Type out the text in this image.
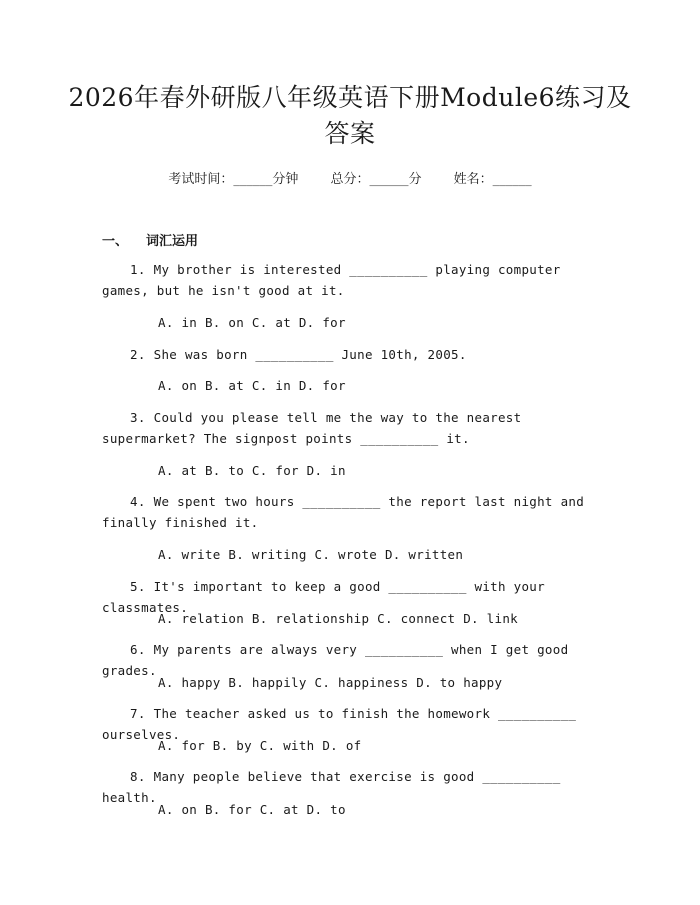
2026年春外研版八年级英语下册Module6练习及答案
考试时间：______分钟 总分：______分 姓名：______
一、 词汇运用
1. My brother is interested __________ playing computer games, but he isn't good at it.
A. in B. on C. at D. for
2. She was born __________ June 10th, 2005.
A. on B. at C. in D. for
3. Could you please tell me the way to the nearest supermarket? The signpost points __________ it.
A. at B. to C. for D. in
4. We spent two hours __________ the report last night and finally finished it.
A. write B. writing C. wrote D. written
5. It's important to keep a good __________ with your classmates.
A. relation B. relationship C. connect D. link
6. My parents are always very __________ when I get good grades.
A. happy B. happily C. happiness D. to happy
7. The teacher asked us to finish the homework __________ ourselves.
A. for B. by C. with D. of
8. Many people believe that exercise is good __________ health.
A. on B. for C. at D. to
